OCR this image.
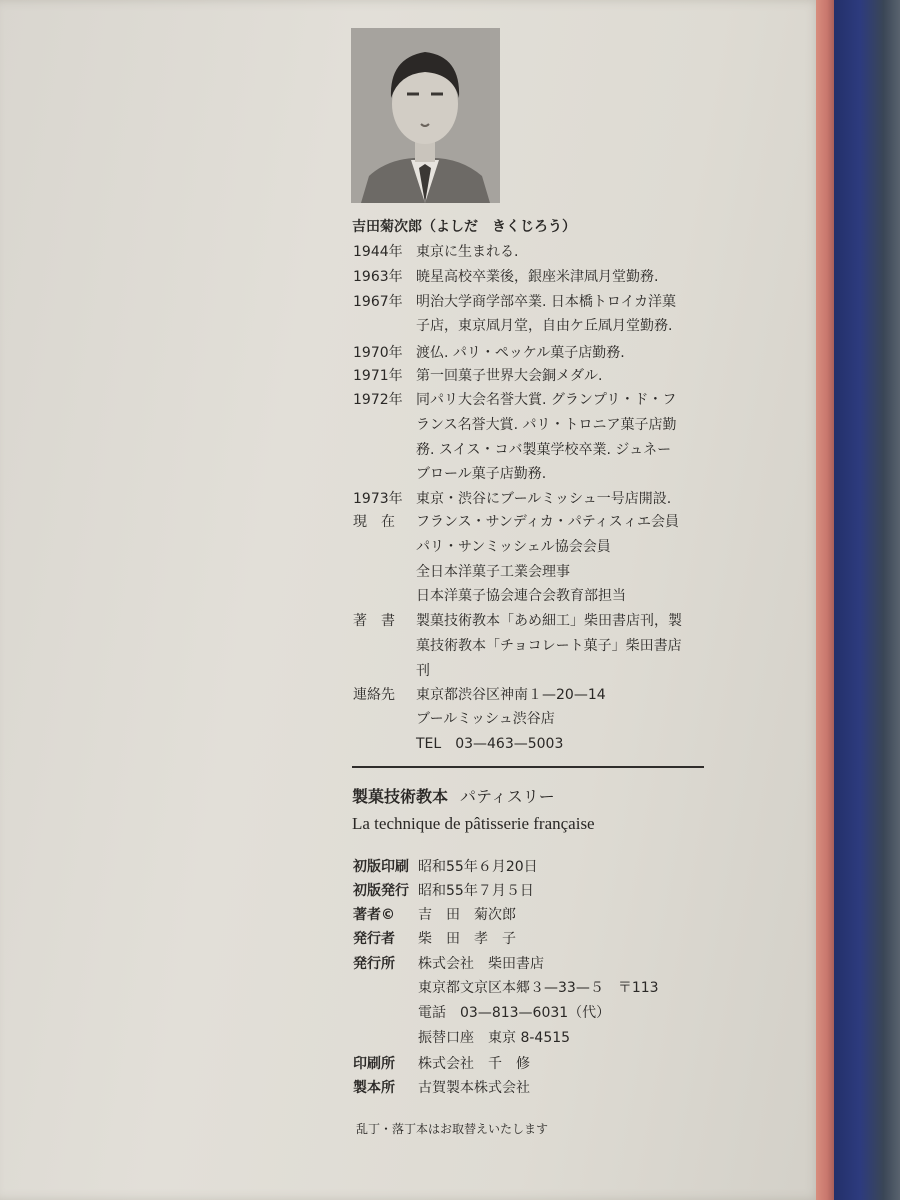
吉田菊次郎（よしだ　きくじろう）
1944年 東京に生まれる.
1963年 暁星高校卒業後，銀座米津凮月堂勤務.
1967年 明治大学商学部卒業. 日本橋トロイカ洋菓
子店，東京凮月堂，自由ケ丘凮月堂勤務.
1970年 渡仏. パリ・ペッケル菓子店勤務.
1971年 第一回菓子世界大会銅メダル.
1972年 同パリ大会名誉大賞. グランプリ・ド・フ
ランス名誉大賞. パリ・トロニア菓子店勤
務. スイス・コバ製菓学校卒業. ジュネー
ブロール菓子店勤務.
1973年 東京・渋谷にブールミッシュ一号店開設.
現　在 フランス・サンディカ・パティスィエ会員
パリ・サンミッシェル協会会員
全日本洋菓子工業会理事
日本洋菓子協会連合会教育部担当
著　書 製菓技術教本「あめ細工」柴田書店刊，製
菓技術教本「チョコレート菓子」柴田書店
刊
連絡先 東京都渋谷区神南１—20—14
ブールミッシュ渋谷店
TEL　03—463—5003
製菓技術教本 パティスリー
La technique de pâtisserie française
初版印刷 昭和55年６月20日
初版発行 昭和55年７月５日
著者© 吉　田　菊次郎
発行者 柴　田　孝　子
発行所 株式会社　柴田書店
東京都文京区本郷３—33—５　〒113
電話　03—813—6031（代）
振替口座　東京 8-4515
印刷所 株式会社　千　修
製本所 古賀製本株式会社
乱丁・落丁本はお取替えいたします
